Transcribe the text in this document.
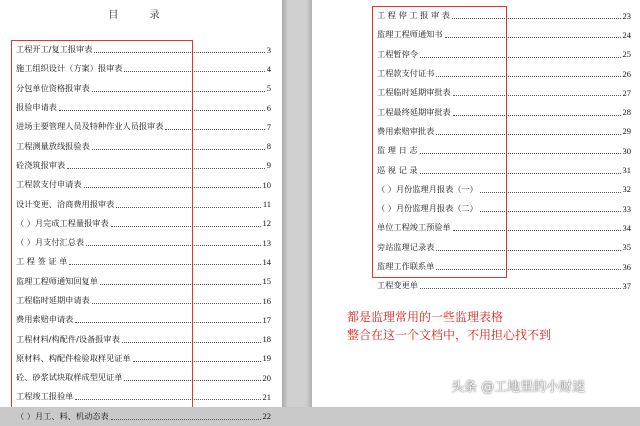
目 录
工程开工/复工报审表	3
施工组织设计（方案）报审表	4
分包单位资格报审表	5
报验申请表	6
进场主要管理人员及特种作业人员报审表	7
工程测量放线报验表	8
砼浇筑报审表	9
工程款支付申请表	10
设计变更、洽商费用报审表	11
（ ）月完成工程量报审表	12
（ ）月支付汇总表	13
工 程 签 证 单	14
监理工程师通知回复单	15
工程临时延期申请表	16
费用索赔申请表	17
工程材料/构配件/设备报审表	18
原材料、构配件检验取样见证单	19
砼、砂浆试块取样成型见证单	20
工程竣工报验单	21
（ ）月工、料、机动态表	22
工 程 停 工 报 审 表	23
监理工程师通知书	24
工程暂停令	25
工程款支付证书	26
工程临时延期审批表	27
工程最终延期审批表	28
费用索赔审批表	29
监 理 日 志	30
巡 视 记 录	31
（ ）月份监理月报表（一）	32
（ ）月份监理月报表（二）	33
单位工程竣工预验单	34
旁站监理记录表	35
监理工作联系单	36
工程变更单	37
都是监理常用的一些监理表格
整合在这一个文档中，不用担心找不到
头条 @工地里的小财迷
